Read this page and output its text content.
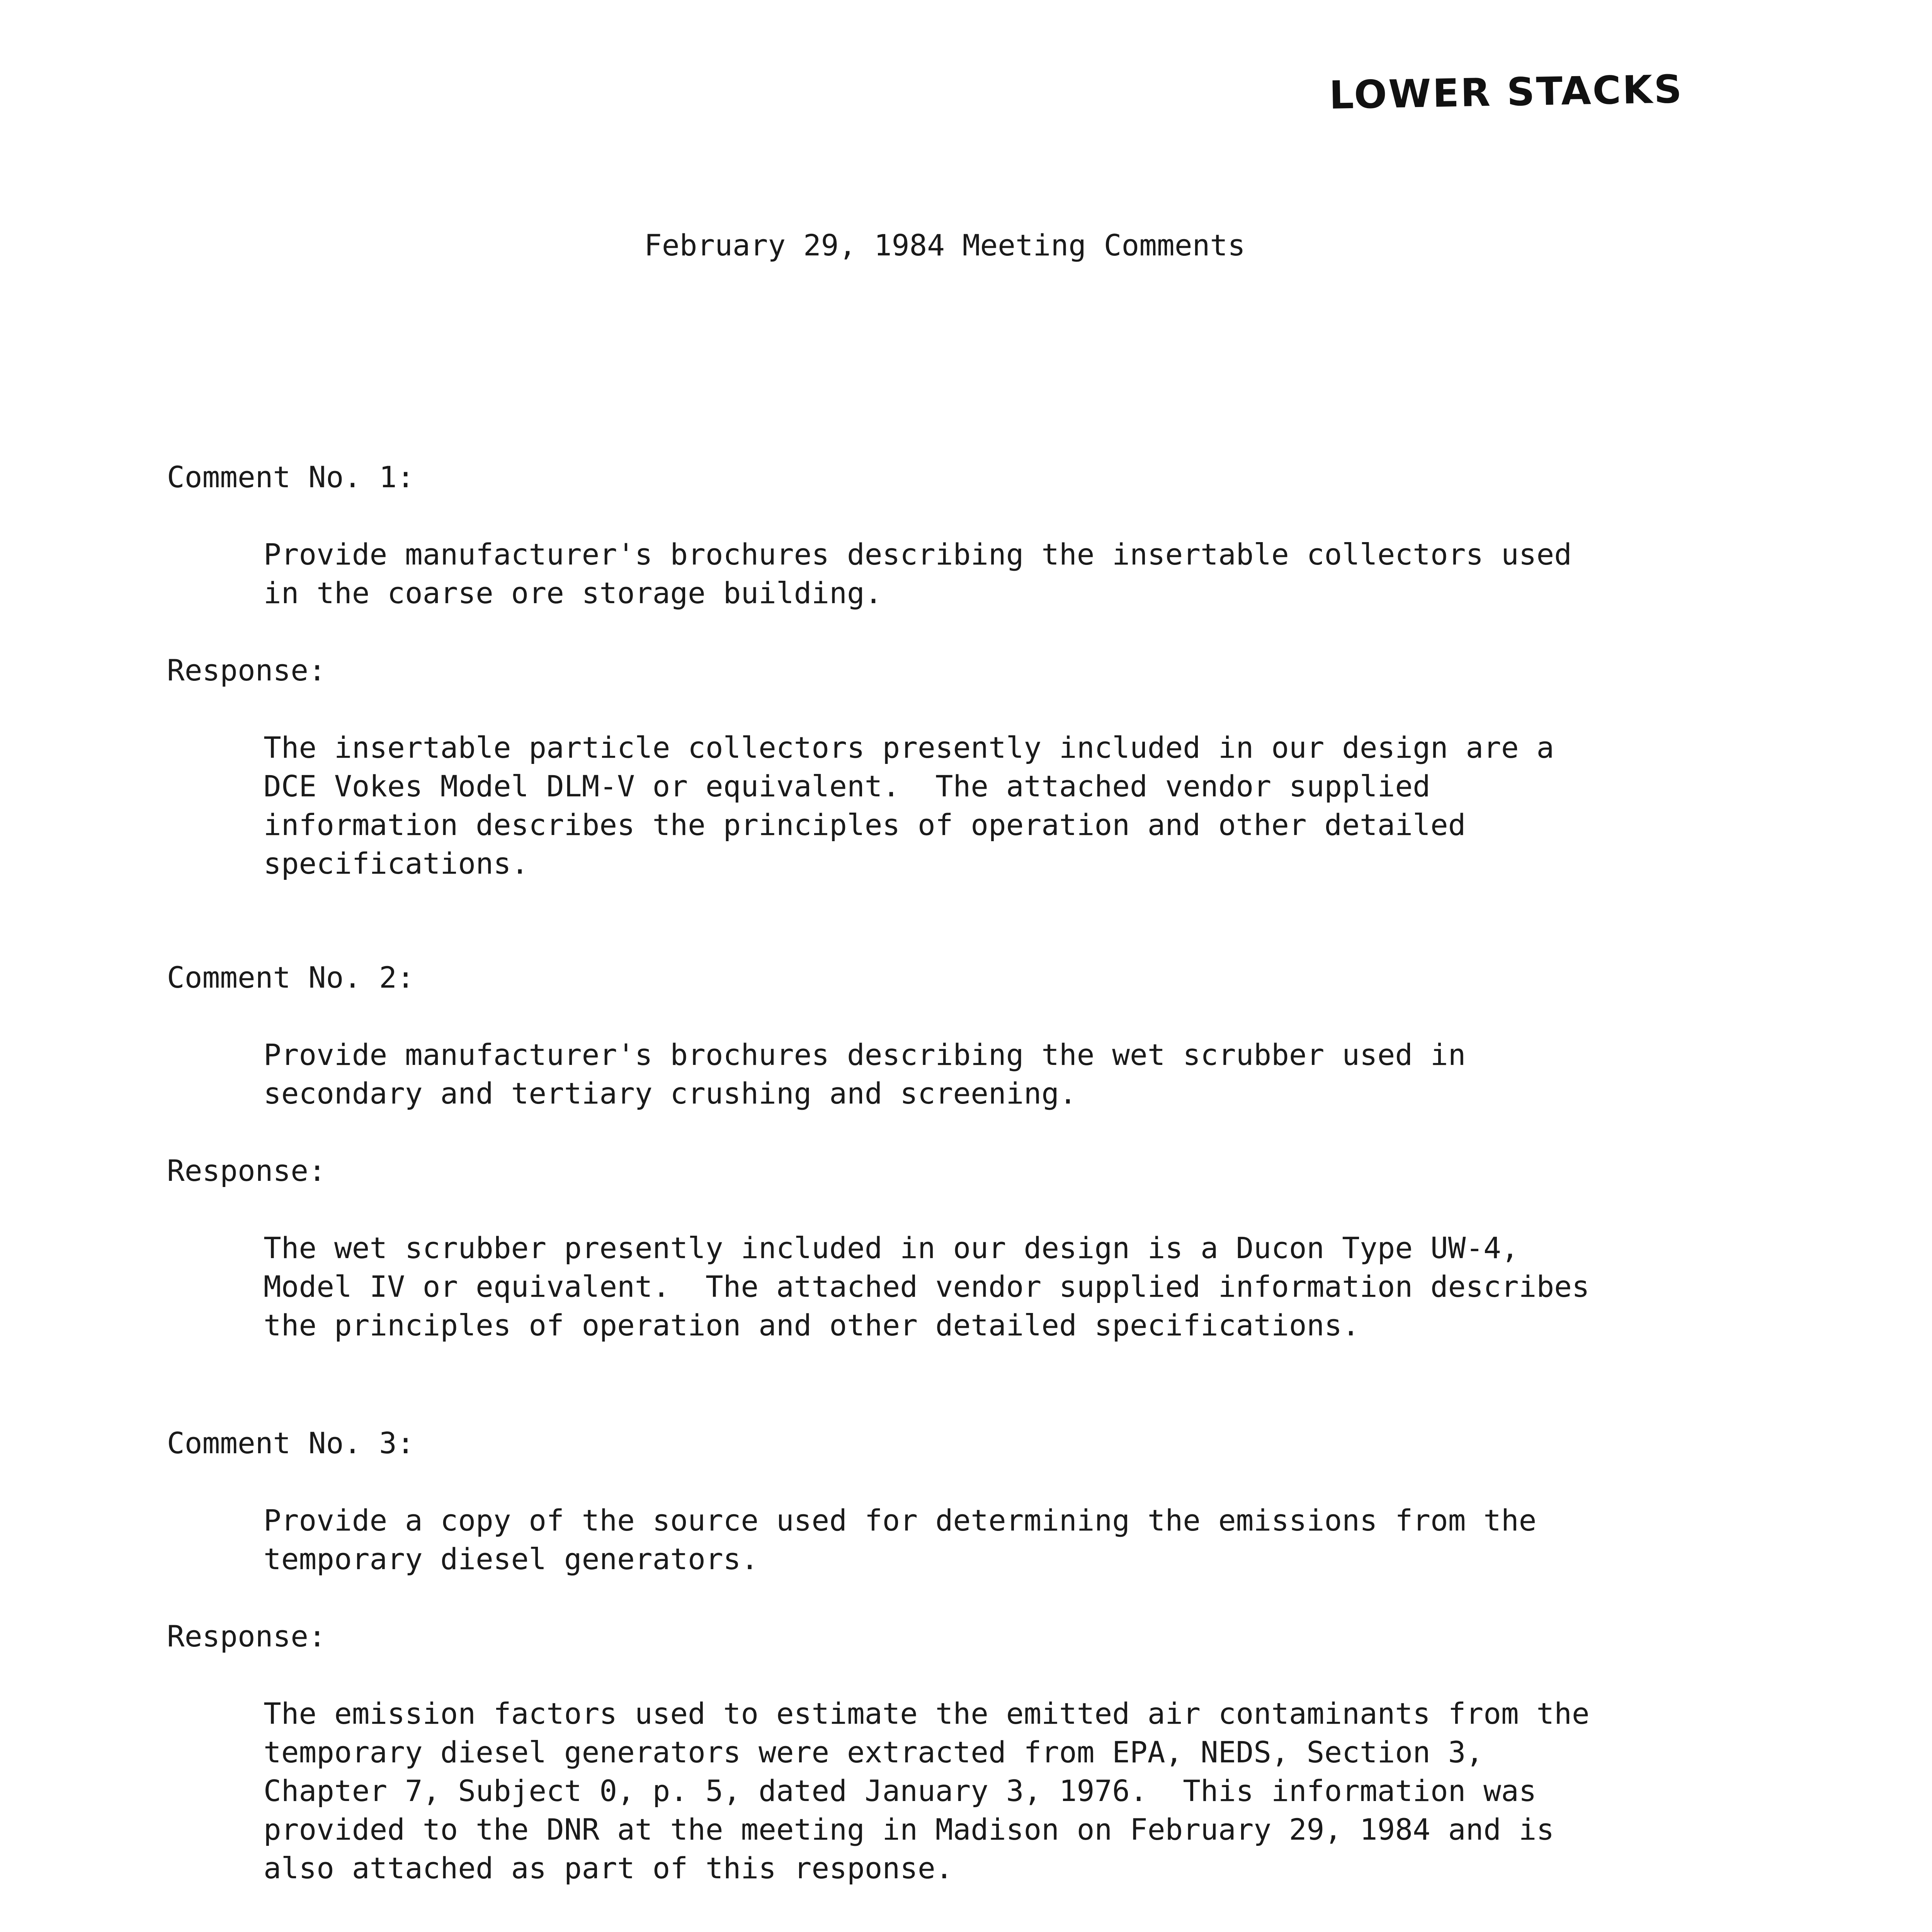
LOWER STACKS
February 29, 1984 Meeting Comments

Comment No. 1:

Provide manufacturer's brochures describing the insertable collectors used
in the coarse ore storage building.

Response:

The insertable particle collectors presently included in our design are a
DCE Vokes Model DLM-V or equivalent.  The attached vendor supplied
information describes the principles of operation and other detailed
specifications.

Comment No. 2:

Provide manufacturer's brochures describing the wet scrubber used in
secondary and tertiary crushing and screening.

Response:

The wet scrubber presently included in our design is a Ducon Type UW-4,
Model IV or equivalent.  The attached vendor supplied information describes
the principles of operation and other detailed specifications.

Comment No. 3:

Provide a copy of the source used for determining the emissions from the
temporary diesel generators.

Response:

The emission factors used to estimate the emitted air contaminants from the
temporary diesel generators were extracted from EPA, NEDS, Section 3,
Chapter 7, Subject 0, p. 5, dated January 3, 1976.  This information was
provided to the DNR at the meeting in Madison on February 29, 1984 and is
also attached as part of this response.
